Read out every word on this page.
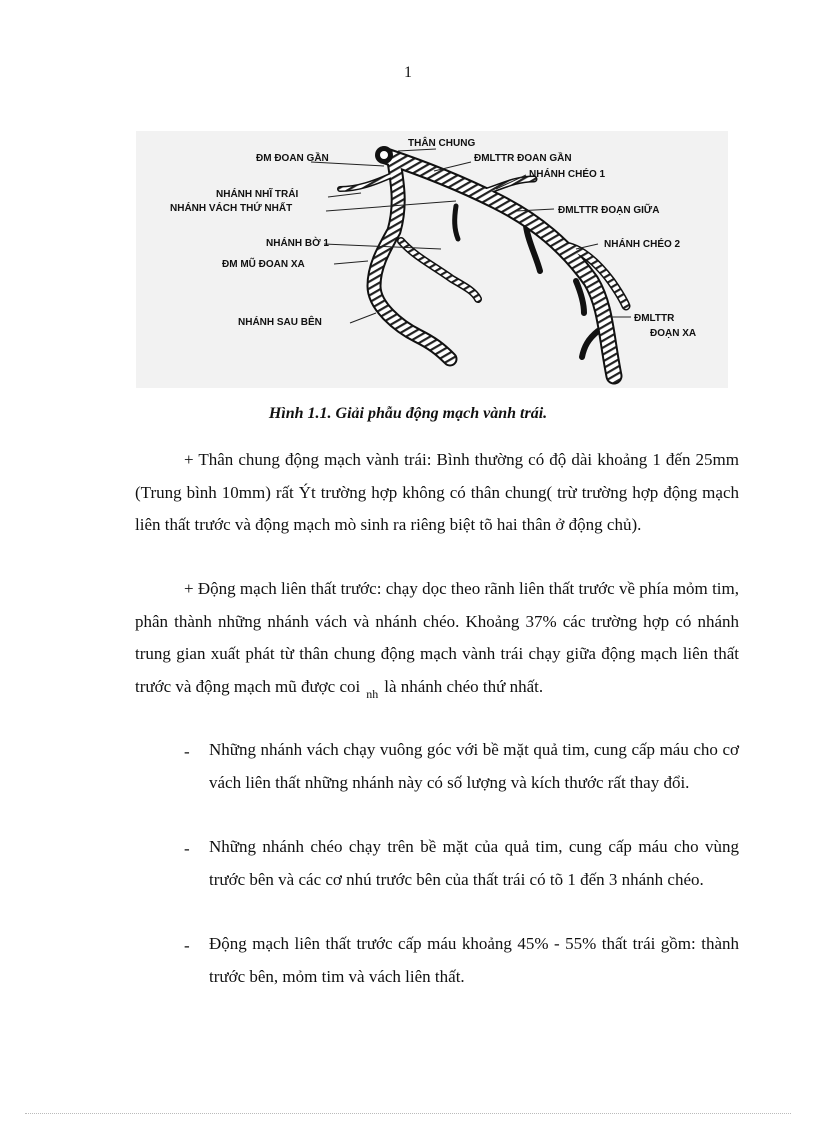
1
THÂN CHUNG
ĐM ĐOAN GẦN	ĐMLTTR ĐOAN GẦN
NHÁNH CHÉO 1
NHÁNH NHĨ TRÁI
NHÁNH VÁCH THỨ NHẤT	ĐMLTTR ĐOẠN GIỮA
NHÁNH BỜ 1	NHÁNH CHÉO 2
ĐM MŨ ĐOAN XA
ĐMLTTR
ĐOẠN XA
NHÁNH SAU BÊN
Hình 1.1. Giải phẫu động mạch vành trái.

+ Thân chung động mạch vành trái: Bình thường có độ dài khoảng 1 đến 25mm (Trung bình 10mm) rất Ýt trường hợp không có thân chung( trừ trường hợp động mạch liên thất trước và động mạch mò sinh ra riêng biệt tõ hai thân ở động chủ).

+ Động mạch liên thất trước: chạy dọc theo rãnh liên thất trước về phía mỏm tim, phân thành những nhánh vách và nhánh chéo. Khoảng 37% các trường hợp có nhánh trung gian xuất phát từ thân chung động mạch vành trái chạy giữa động mạch liên thất trước và động mạch mũ được coi $_{nh}$ là nhánh chéo thứ nhất.

- Những nhánh vách chạy vuông góc với bề mặt quả tim, cung cấp máu cho cơ vách liên thất những nhánh này có số lượng và kích thước rất thay đổi.

- Những nhánh chéo chạy trên bề mặt của quả tim, cung cấp máu cho vùng trước bên và các cơ nhú trước bên của thất trái có tõ 1 đến 3 nhánh chéo.

- Động mạch liên thất trước cấp máu khoảng 45% - 55% thất trái gồm: thành trước bên, mỏm tim và vách liên thất.
